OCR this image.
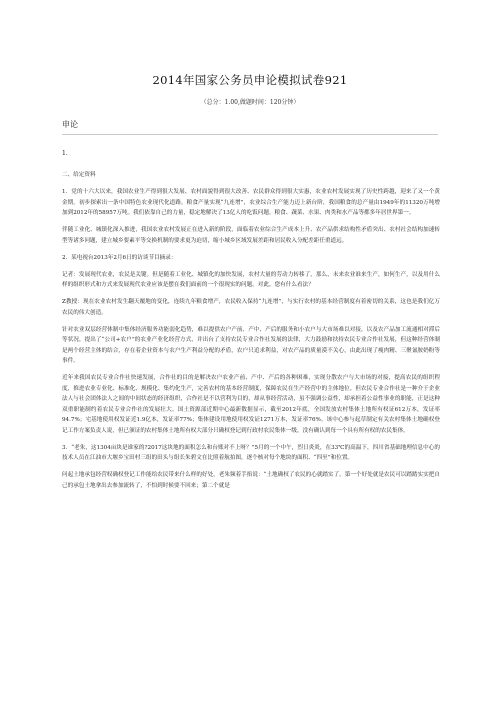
2014年国家公务员申论模拟试卷921
（总分：1.00,做题时间：120分钟）
申论
1.

二、给定资料

1．党的十六大以来，我国农业生产得到很大发展、农村面貌得到很大改善、农民群众得到很大实惠，农业农村发展实现了历史性跨越，迎来了又一个黄金期。初步探索出一条中国特色农业现代化道路。粮食产量实现“九连增”，农业综合生产能力迈上新台阶，我国粮食的总产量由1949年的11320万吨增加到2012年的58957万吨。我们依靠自己的力量，稳定地解决了13亿人的吃饭问题。粮食、蔬菜、水果、肉类和水产品等都多年居世界第一。

伴随工业化、城镇化深入推进，我国农业农村发展正在进入新的阶段，面临着农业综合生产成本上升、农产品供求结构性矛盾突出、农村社会结构加速转型等诸多问题，建立城乡要素平等交换机制的要求更为迫切，缩小城乡区域发展差距和居民收入分配差距任重道远。

2．某电视台2013年2月6日的访谈节目摘录：

记者：发展现代农业，农民是关键。但是随着工业化、城镇化的加快发展，农村大量的劳动力转移了，那么，未来农业谁来生产，如何生产，以及用什么样的组织形式和方式来发展现代农业应该是摆在我们面前的一个很现实的问题。对此，您有什么看法？

Z教授：现在农业农村发生翻天覆地的变化，连续九年粮食增产，农民收入保持“九连增”，与实行农村的基本经营制度有着密切的关系，这也是我们亿万农民的伟大创造。

针对农业双层经营体制中集体经济服务功能弱化趋势，难以提供农户产前、产中、产后的服务和小农户与大市场难以对接，以及农产品加工流通相对滞后等状况，提出了“公司+农户”的农业产业化经营方式，并出台了支持农民专业合作社发展的法律，大力鼓励和扶持农民专业合作社发展，但这种经营体制是两个经营主体的结合，存在着企业资本与农户生产利益分配的矛盾，农户只追求利益，对农产品的质量漠不关心，由此出现了瘦肉精、三聚氰胺奶粉等事件。

近年来我国农民专业合作社快速发展，合作社的目的是解决农户农业产前、产中、产后的各种困难，实现分散农户与大市场的对接，提高农民的组织程度，推进农业专业化、标准化、规模化、集约化生产，完善农村的基本经营制度，保障农民在生产经营中的主体地位。但农民专业合作社是一种介于企业法人与社会团体法人之间的中间状态的经济组织，合作社是不以营利为目的，却从事经营活动，虽不强调公益性，却承担着公益性事业的职能，正是这种双重职能制约着农民专业合作社的发展壮大。国土资源部近期中心最新数据显示，截至2012年底，全国发放农村集体土地所有权证612万本，发证率94.7%；宅基地使用权发证近1.9亿本，发证率77%；集体建设用地使用权发证1271万本，发证率76%。该中心参与起草制定有关农村集体土地确权登记工作方案负责人说，但已颁证的农村集体土地所有权大部分只确权登记到行政村农民集体一级，没有确认到每一个具有所有权的农民集体。

3．“老朱，这1304亩块是谁家的?2017这块地的面积怎么和台账对不上呀？”5月的一个中午，烈日炎炎，在33℃的高温下，四川省基础地理信息中心的技术人员在江油市大堰乡宝田村三组的田头与组长朱碧文在比照着航拍图，逐个核对每个地块的面积、“四至”和位置。

问起土地承包经营权确权登记工作能给农民带来什么样的好处，老朱频着手掐说：“土地确权了农民的心就踏实了。第一个好处就是农民可以踏踏实实把自己的承包土地拿出去参加流转了，不怕到时候要不回来；第二个就是
